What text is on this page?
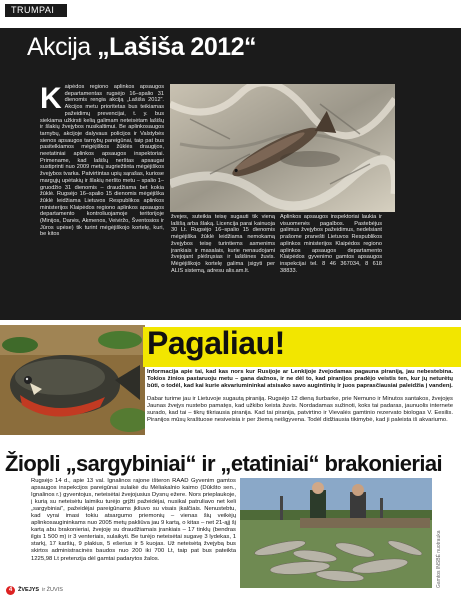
TRUMPAI
Akcija „Lašiša 2012“
Kaipėdos regiono aplinkos apsaugos departamentas rugsėjo 16–spalio 31 dienomis rengia akciją „Lašiša 2012“. Akcijos metu prioritetas bus teikiamas pažeidimų prevencijai, t. y. bus siekiama užkirsti kelią galimam neteisėtam lašišų ir šlakių žvejybos nusikaltimui. Be aplinkosaugos tarnybų, akcijoje dalyvaus policijos ir Valstybės sienos apsaugos tarnybų pareigūnai, taip pat bus pasitelkiamos mėgėjiškos žūklės draugijos, neetatiniai aplinkos apsaugos inspektoriai. Primename, kad lašišų nerštas apsaugai sustiprinti nuo 2009 metų sugriežtinta mėgėjiškos žvejybos tvarka. Patvirtintas upių sąrašas, kuriose margųjų upėtakių ir šlakių neršto metu – spalio 1–gruodžio 31 dienomis – draudžiama bet kokia žūklė. Rugsėjo 16–spalio 15 dienomis mėgėjiška žūklė leidžiama Lietuvos Respublikos aplinkos ministerijos Klaipėdos regiono aplinkos apsaugos departamento kontroliuojamoje teritorijoje (Minijos, Danės, Akmenos, Veiviržo, Šventosios ir Jūros upėse) tik turint mėgėjiškojo kortelę, kuri, be kitos
žvejes, suteikia teisę sugauti tik vieną lašišą arba šlaką. Licencija parai kainuoja 30 Lt. Rugsėjo 16–spalio 15 dienomis mėgėjiška žūklė leidžiama nemokamą žvejybos teisę turintiems asmenims įrankiais ir masalais, kurie nenaudojami žvejojant plėšrųsias ir lašišines žuvis. Mėgėjiškojo kortelę galima įsigyti per ALIS sistemą, adresu alis.am.lt.
Aplinkos apsaugos inspektoriai laukia ir visuomenės pagalbos. Pastebėjus galimus žvejybos pažeidimus, nedelsiant prašome pranešti Lietuvos Respublikos aplinkos ministerijos Klaipėdos regiono aplinkos apsaugos departamento Klaipėdos gyvenimo gamtos apsaugos inspekcijai tel. 8 46 367034, 8 618 38833.
Pagaliau!
Informacija apie tai, kad kas nors kur Rusijoje ar Lenkijoje žvejodamas pagauna piraniją, jau nebestebina. Tokios žinios pastaruoju metu – gana dažnos, ir ne dėl to, kad piranijos pradėjo veistis ten, kur jų neturėtų būti, o todėl, kad kai kurie akvariumininkai atsisako savo augintinių ir juos paprasčiausiai paleidžia į vandenį.
Dabar turime jau ir Lietuvoje sugautą piraniją. Rugsėjo 12 dieną šurbarke, prie Nemuno ir Minutos santakos, žvejojęs Jaunas žvejys nustebo pamatęs, kad užkibo keista žuvis. Nordadamas sužinoti, koks tai padaras, jaunuolis internete surado, kad tai – tikrų tikriausia piranija. Kad tai piranija, patvirtino ir Vievalės gamtinio rezervato biologas V. Eesilis. Piranijos mūsų kraštuose nesiveisia ir per žiemą neišgyvena. Todėl didžiausia tikimybė, kad ji paleista iš akvariumo.
Žiopli „sargybiniai“ ir „etatiniai“ brakonieriai
Rugsėjo 14 d., apie 13 val. Ignalinos rajone išteron RAAD Gyvenim gamtos apsaugos inspekcijos pareigūnai sulaikė du Mėliakalnio kaimo (Dūkšto sen., Ignalinos r.) gyventojus, neteisėtai žvejojusius Dysnų ežere. Nors prieplaukoje, į kurią su neteisėtu laimiku turėjo grįžti pažeidėjai, nusikal patruliavo net keli „sargybiniai“, pažeidėjai pareigūnams įkliuvo su visais įkalčiais. Nenustebtu, kad vyrai imasi tokiu atsargumo priemonių – vienas šių veikėjų aplinkosaugininkams nuo 2005 metų pakliūva jau 9 kartą, o kitas – net 21-ąjį šį kartą abu brakonieriai, žvejoję su draudžiamais įrankiais – 17 tinklų (bendras ilgis 1 500 m) ir 3 venteriais, sulaikyti. Be turėjo neteisėtai sugavę 3 lydekas, 1 starkį, 17 karšių, 9 plakius, 5 ešerius ir 5 kuojas. Už neteisėtą žvejybą bus skirtos administracinės baudos nuo 200 iki 700 Lt, taip pat bus pateikta 1225,98 Lt pretenzija dėl gamtai padarytos žalos.	Gamtos INSBĖ nuotrauka
4	ŽVEJYS ir ŽUVIS
